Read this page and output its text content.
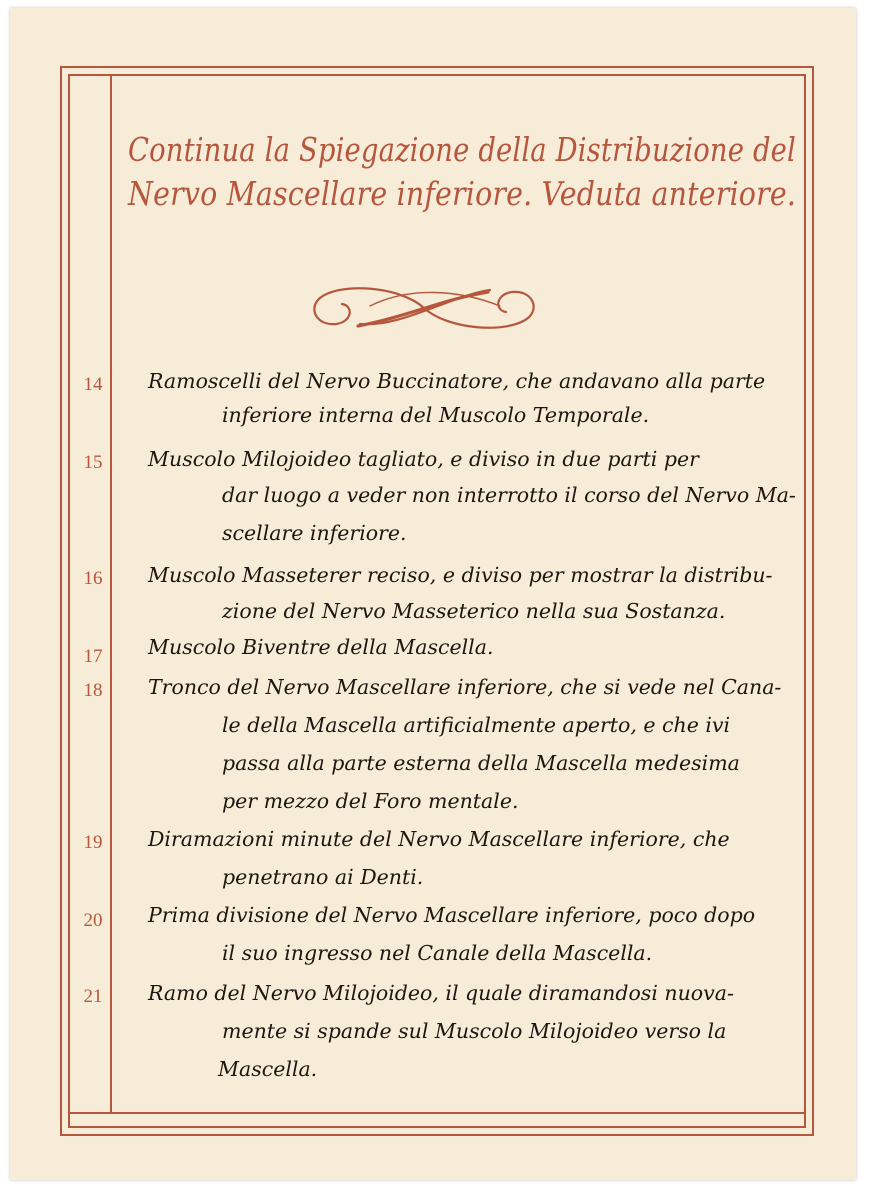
Continua la Spiegazione della Distribuzione del
Nervo Mascellare inferiore. Veduta anteriore.
14 Ramoscelli del Nervo Buccinatore, che andavano alla parte
inferiore interna del Muscolo Temporale.
15 Muscolo Milojoideo tagliato, e diviso in due parti per
dar luogo a veder non interrotto il corso del Nervo Ma-
scellare inferiore.
16 Muscolo Masseterer reciso, e diviso per mostrar la distribu-
zione del Nervo Masseterico nella sua Sostanza.
17 Muscolo Biventre della Mascella.
18 Tronco del Nervo Mascellare inferiore, che si vede nel Cana-
le della Mascella artificialmente aperto, e che ivi
passa alla parte esterna della Mascella medesima
per mezzo del Foro mentale.
19 Diramazioni minute del Nervo Mascellare inferiore, che
penetrano ai Denti.
20 Prima divisione del Nervo Mascellare inferiore, poco dopo
il suo ingresso nel Canale della Mascella.
21 Ramo del Nervo Milojoideo, il quale diramandosi nuova-
mente si spande sul Muscolo Milojoideo verso la
Mascella.
